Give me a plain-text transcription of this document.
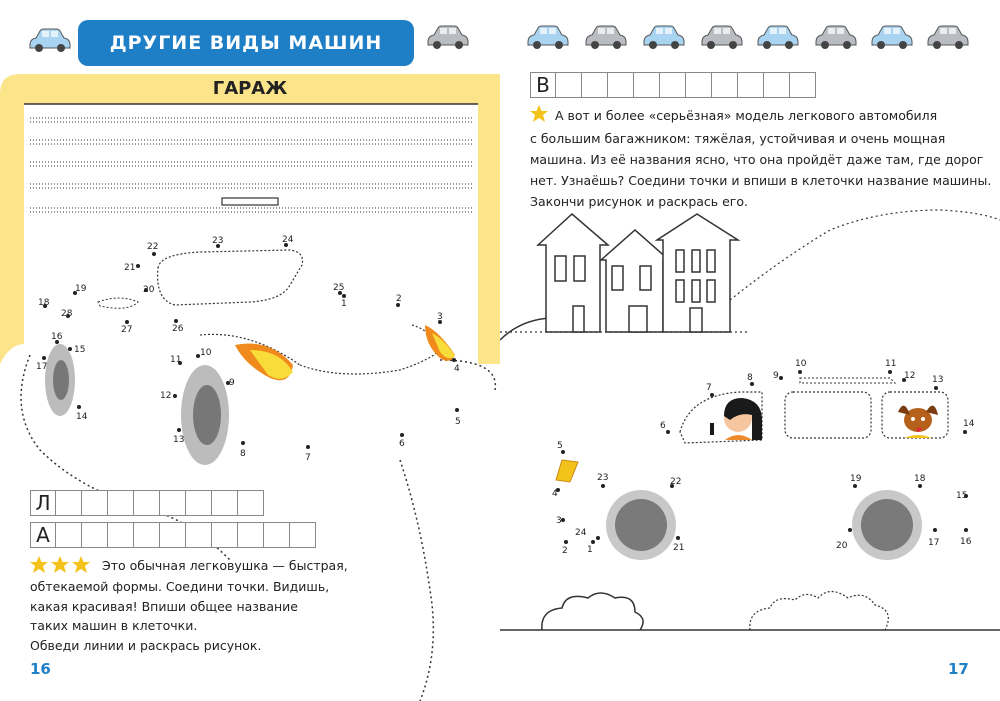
ДРУГИЕ ВИДЫ МАШИН
ГАРАЖ
1	2
3
4
5
6
7
8
9
10
11
12
13
14
15
16
17
18
19	20
21
22
23	24
25
26
27
28
Л
А
Это обычная легковушка — быстрая,
обтекаемой формы. Соедини точки. Видишь,
какая красивая! Впиши общее название
таких машин в клеточки.
Обведи линии и раскрась рисунок.
16
В
А вот и более «серьёзная» модель легкового автомобиля
с большим багажником: тяжёлая, устойчивая и очень мощная
машина. Из её названия ясно, что она пройдёт даже там, где дорог
нет. Узнаёшь? Соедини точки и впиши в клеточки название машины.
Закончи рисунок и раскрась его.
1
2
3
4
5
6
7
8 9
10	11
12 13
14
15
16
17
18
19
20
21
22
23
24
17
